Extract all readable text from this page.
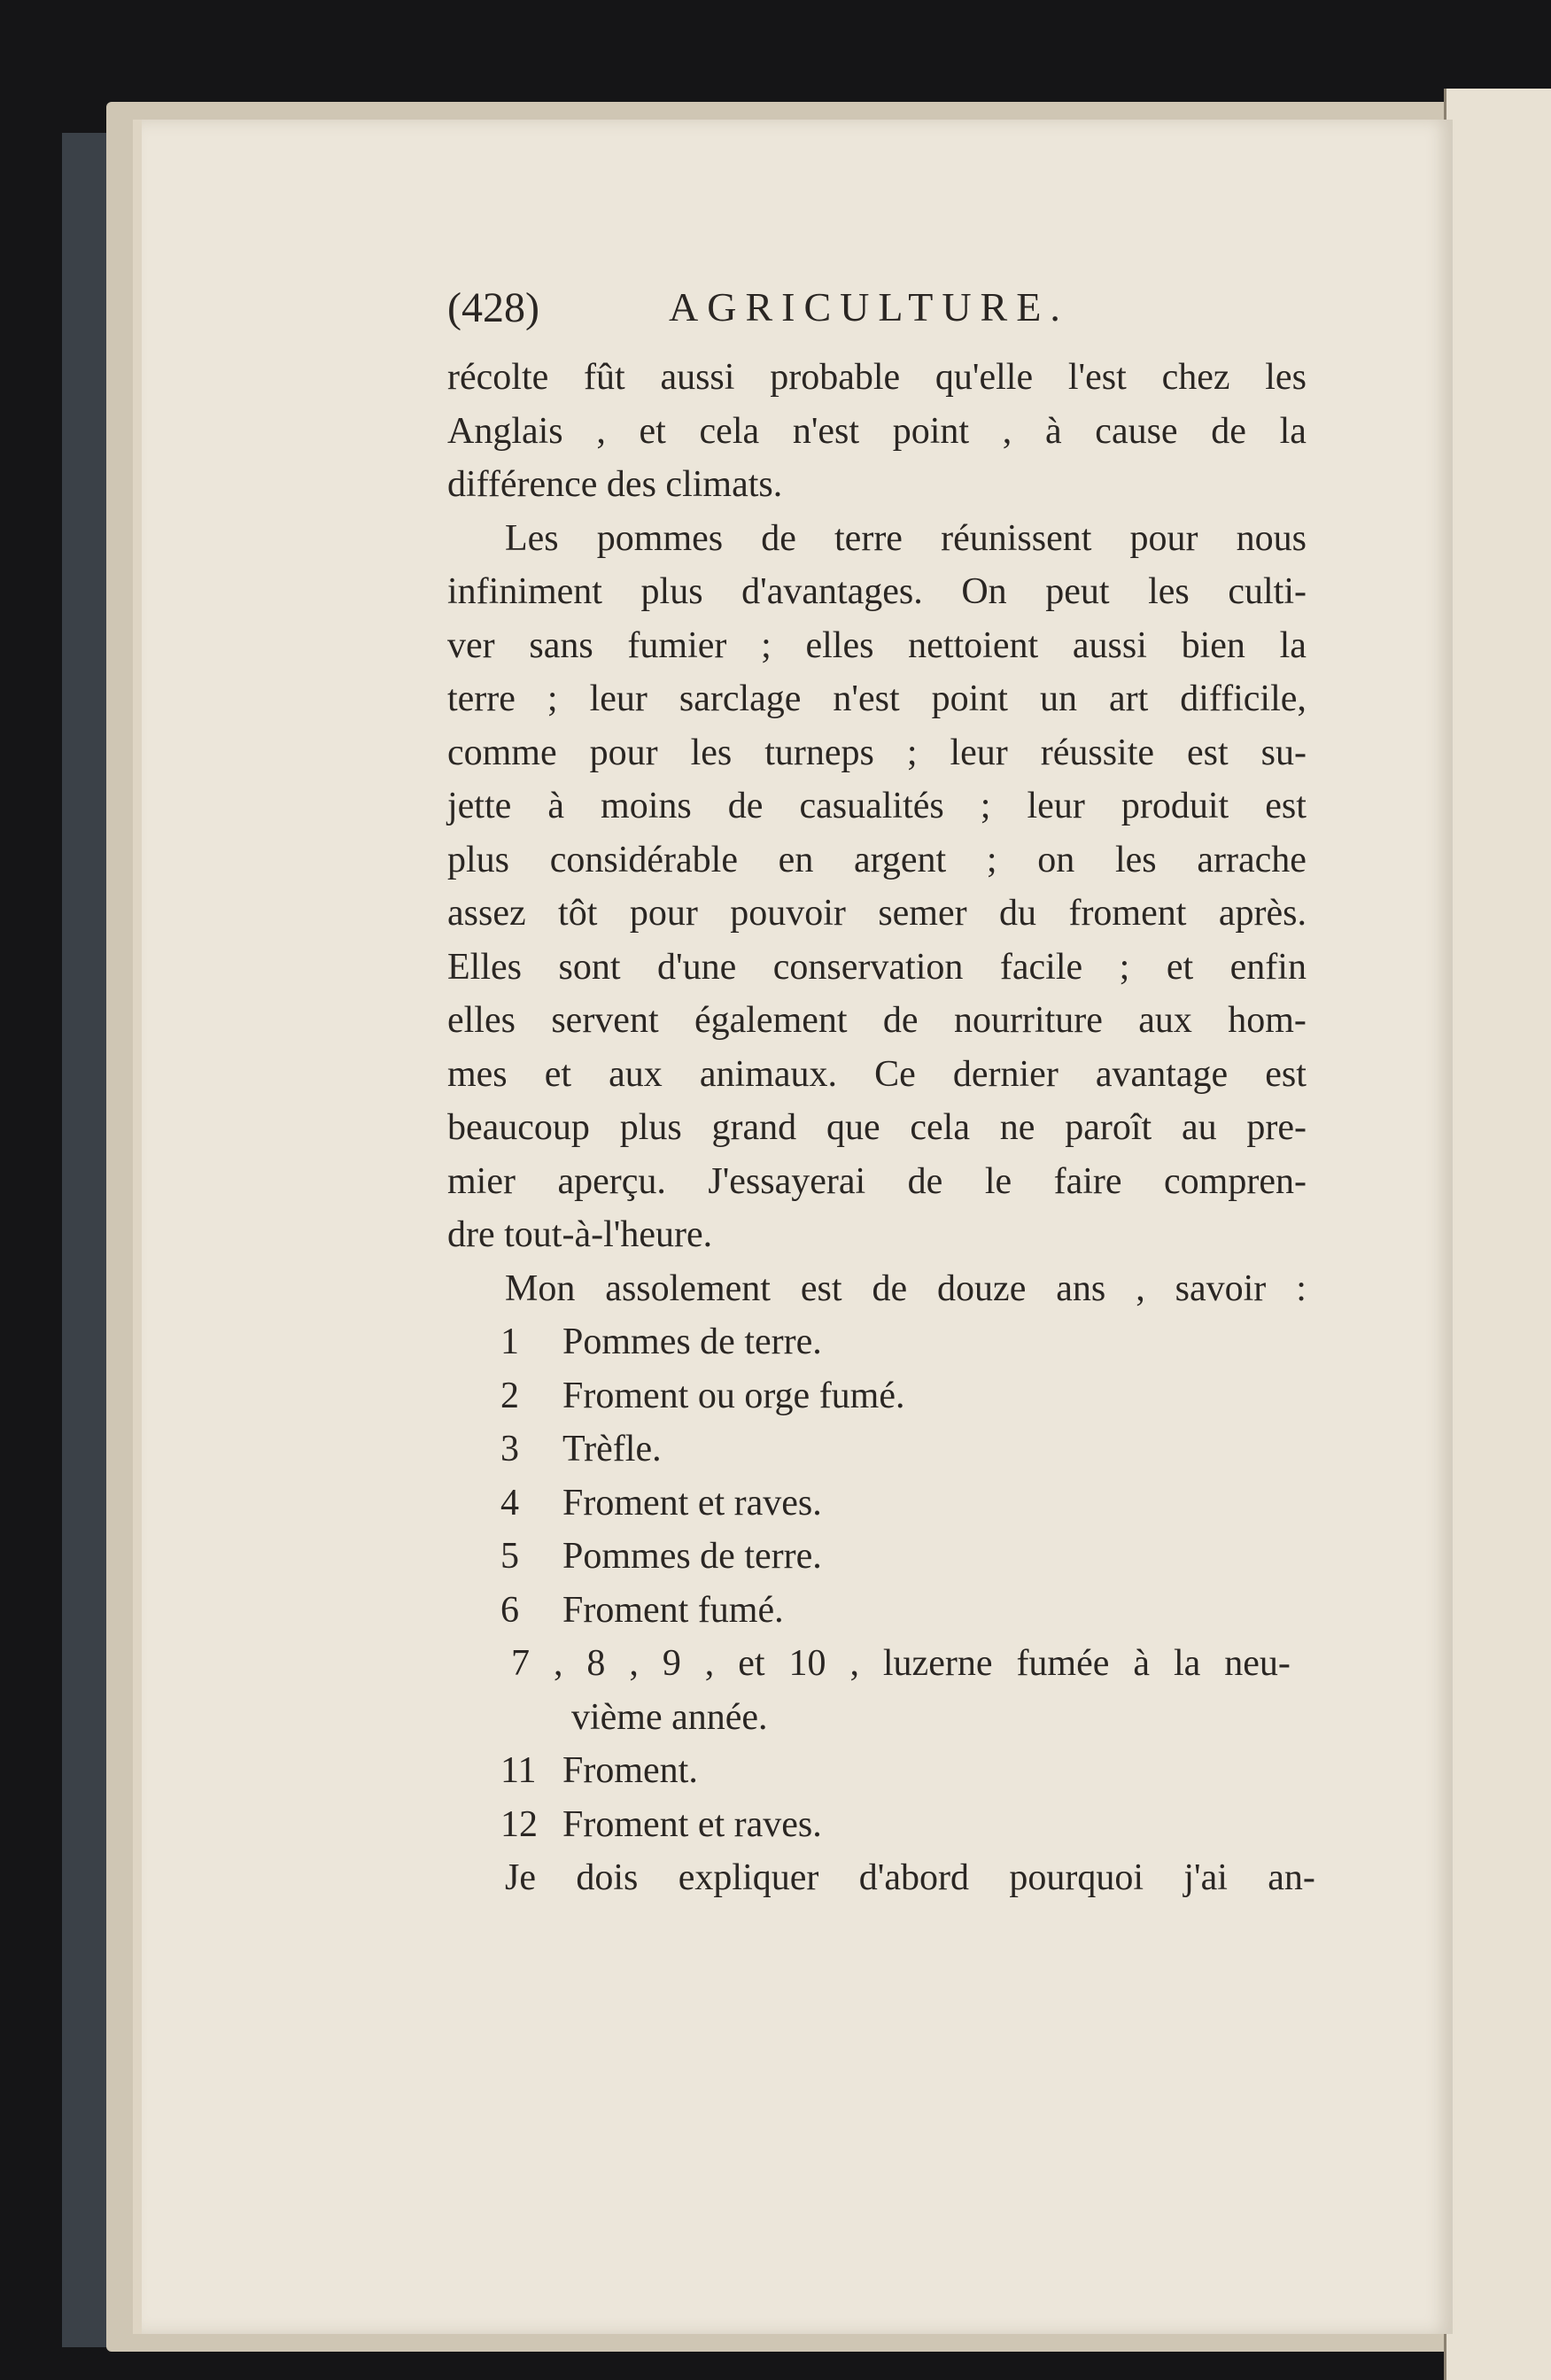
(428)	AGRICULTURE.
récolte fût aussi probable qu'elle l'est chez les
Anglais , et cela n'est point , à cause de la
différence des climats.
Les pommes de terre réunissent pour nous
infiniment plus d'avantages. On peut les culti-
ver sans fumier ; elles nettoient aussi bien la
terre ; leur sarclage n'est point un art difficile,
comme pour les turneps ; leur réussite est su-
jette à moins de casualités ; leur produit est
plus considérable en argent ; on les arrache
assez tôt pour pouvoir semer du froment après.
Elles sont d'une conservation facile ; et enfin
elles servent également de nourriture aux hom-
mes et aux animaux. Ce dernier avantage est
beaucoup plus grand que cela ne paroît au pre-
mier aperçu. J'essayerai de le faire compren-
dre tout-à-l'heure.
Mon assolement est de douze ans , savoir :
1	Pommes de terre.
2	Froment ou orge fumé.
3	Trèfle.
4	Froment et raves.
5	Pommes de terre.
6	Froment fumé.
7 , 8 , 9 , et 10 , luzerne fumée à la neu-
vième année.
11 Froment.
12 Froment et raves.
Je dois expliquer d'abord pourquoi j'ai an-
